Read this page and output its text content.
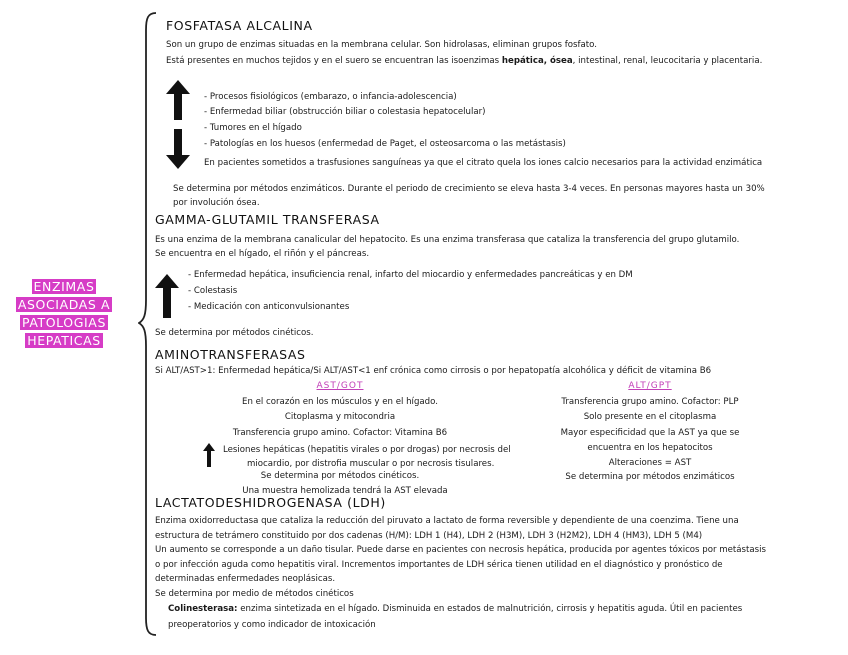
ENZIMAS
ASOCIADAS A
PATOLOGIAS
HEPATICAS
FOSFATASA ALCALINA
Son un grupo de enzimas situadas en la membrana celular. Son hidrolasas, eliminan grupos fosfato.
Está presentes en muchos tejidos y en el suero se encuentran las isoenzimas hepática, ósea, intestinal, renal, leucocitaria y placentaria.
- Procesos fisiológicos (embarazo, o infancia-adolescencia)
- Enfermedad biliar (obstrucción biliar o colestasia hepatocelular)
- Tumores en el hígado
- Patologías en los huesos (enfermedad de Paget, el osteosarcoma o las metástasis)
En pacientes sometidos a trasfusiones sanguíneas ya que el citrato quela los iones calcio necesarios para la actividad enzimática
Se determina por métodos enzimáticos. Durante el periodo de crecimiento se eleva hasta 3-4 veces. En personas mayores hasta un 30%
por involución ósea.
GAMMA-GLUTAMIL TRANSFERASA
Es una enzima de la membrana canalicular del hepatocito. Es una enzima transferasa que cataliza la transferencia del grupo glutamilo.
Se encuentra en el hígado, el riñón y el páncreas.
- Enfermedad hepática, insuficiencia renal, infarto del miocardio y enfermedades pancreáticas y en DM
- Colestasis
- Medicación con anticonvulsionantes
Se determina por métodos cinéticos.
AMINOTRANSFERASAS
Si ALT/AST>1: Enfermedad hepática/Si ALT/AST<1 enf crónica como cirrosis o por hepatopatía alcohólica y déficit de vitamina B6
AST/GOT
En el corazón en los músculos y en el hígado.
Citoplasma y mitocondria
Transferencia grupo amino. Cofactor: Vitamina B6
Lesiones hepáticas (hepatitis virales o por drogas) por necrosis del
miocardio, por distrofia muscular o por necrosis tisulares.
Se determina por métodos cinéticos.
Una muestra hemolizada tendrá la AST elevada
ALT/GPT
Transferencia grupo amino. Cofactor: PLP
Solo presente en el citoplasma
Mayor especificidad que la AST ya que se
encuentra en los hepatocitos
Alteraciones = AST
Se determina por métodos enzimáticos
LACTATODESHIDROGENASA (LDH)
Enzima oxidorreductasa que cataliza la reducción del piruvato a lactato de forma reversible y dependiente de una coenzima. Tiene una
estructura de tetrámero constituido por dos cadenas (H/M): LDH 1 (H4), LDH 2 (H3M), LDH 3 (H2M2), LDH 4 (HM3), LDH 5 (M4)
Un aumento se corresponde a un daño tisular. Puede darse en pacientes con necrosis hepática, producida por agentes tóxicos por metástasis
o por infección aguda como hepatitis viral. Incrementos importantes de LDH sérica tienen utilidad en el diagnóstico y pronóstico de
determinadas enfermedades neoplásicas.
Se determina por medio de métodos cinéticos
Colinesterasa: enzima sintetizada en el hígado. Disminuida en estados de malnutrición, cirrosis y hepatitis aguda. Útil en pacientes
preoperatorios y como indicador de intoxicación
